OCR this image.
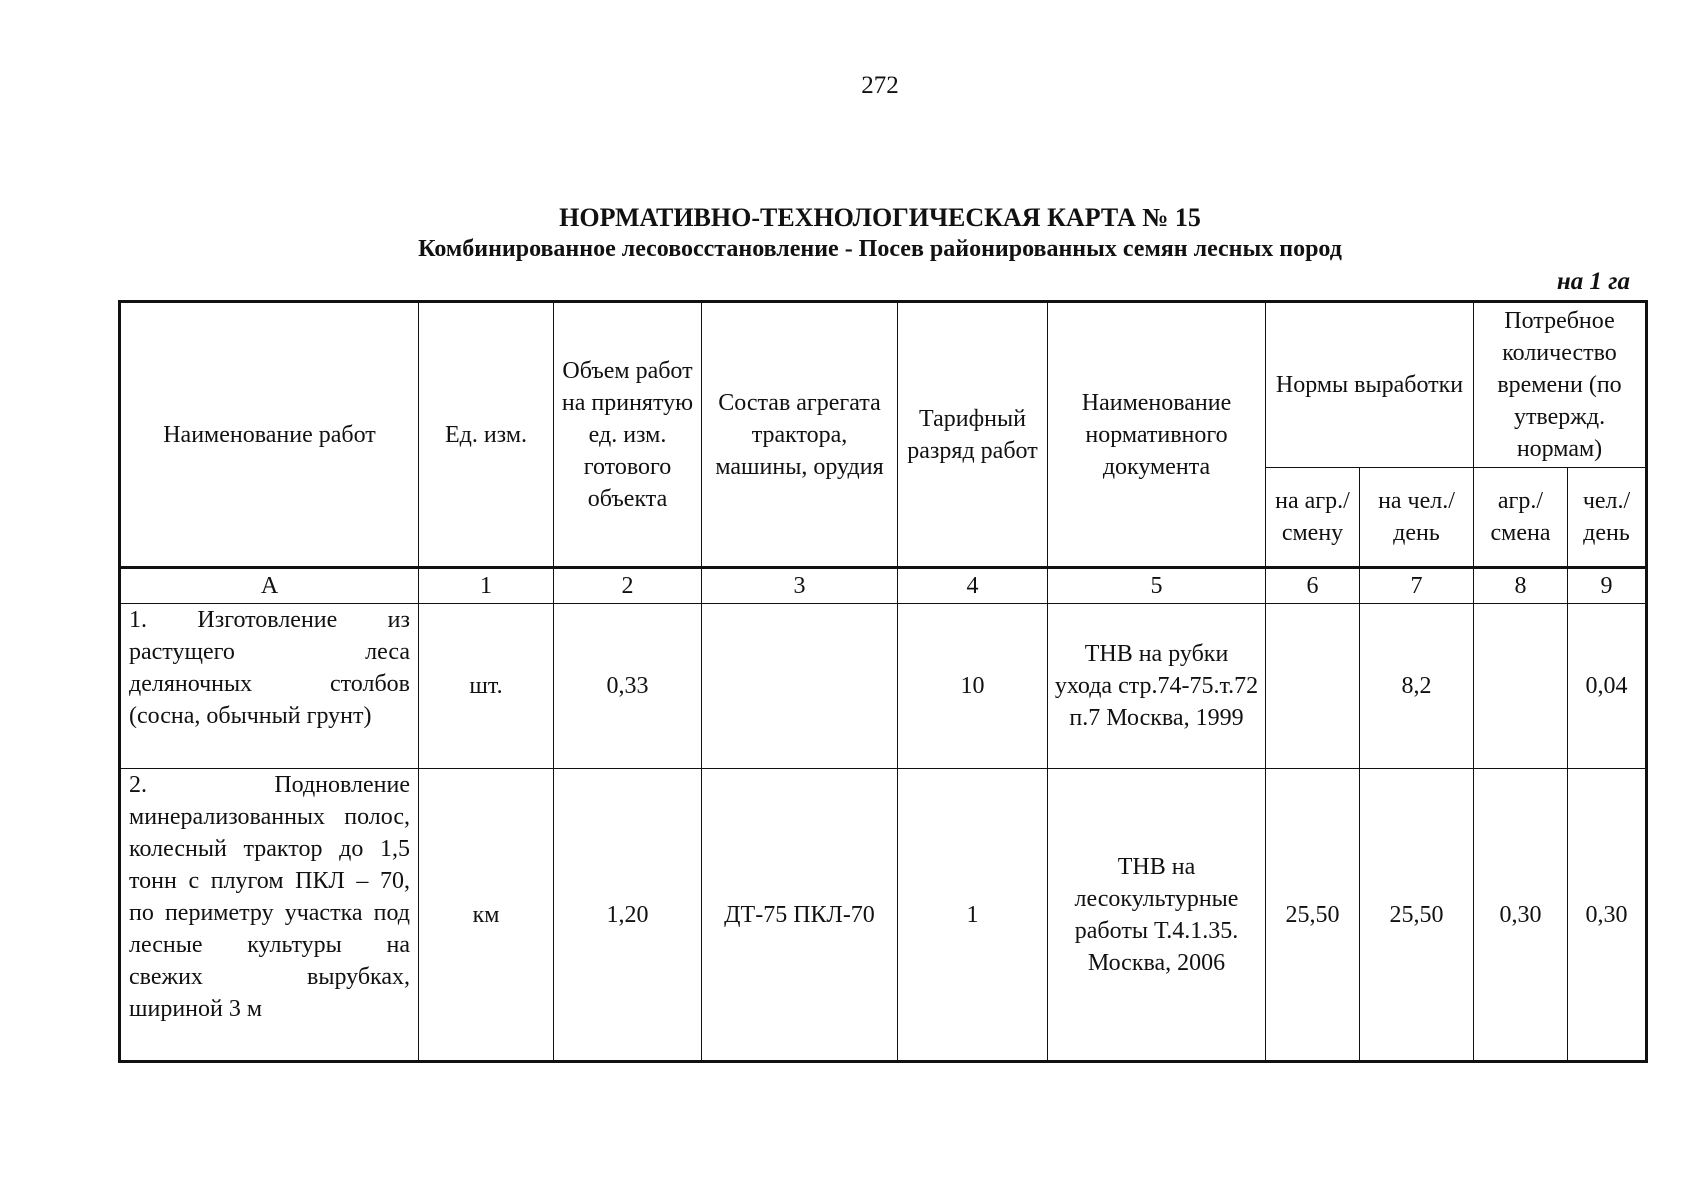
272
НОРМАТИВНО-ТЕХНОЛОГИЧЕСКАЯ КАРТА № 15
Комбинированное лесовосстановление - Посев районированных семян лесных пород
на 1 га
Наименование работ	Ед. изм.	Объем работ на принятую ед. изм. готового объекта	Состав агрегата трактора, машины, орудия	Тарифный разряд работ	Наименование нормативного документа	Нормы выработки		Потребное количество времени (по утвержд. нормам)	
						на агр./ смену	на чел./ день	агр./ смена	чел./ день
А	1	2	3	4	5	6	7	8	9
1. Изготовление из растущего леса деляночных столбов (сосна, обычный грунт)	шт.	0,33		10	ТНВ на рубки ухода стр.74-75.т.72 п.7 Москва, 1999		8,2		0,04
2. Подновление минерализованных полос, колесный трактор до 1,5 тонн с плугом ПКЛ – 70, по периметру участка под лесные культуры на свежих вырубках, шириной 3 м	км	1,20	ДТ-75 ПКЛ-70	1	ТНВ на лесокультурные работы Т.4.1.35. Москва, 2006	25,50	25,50	0,30	0,30
